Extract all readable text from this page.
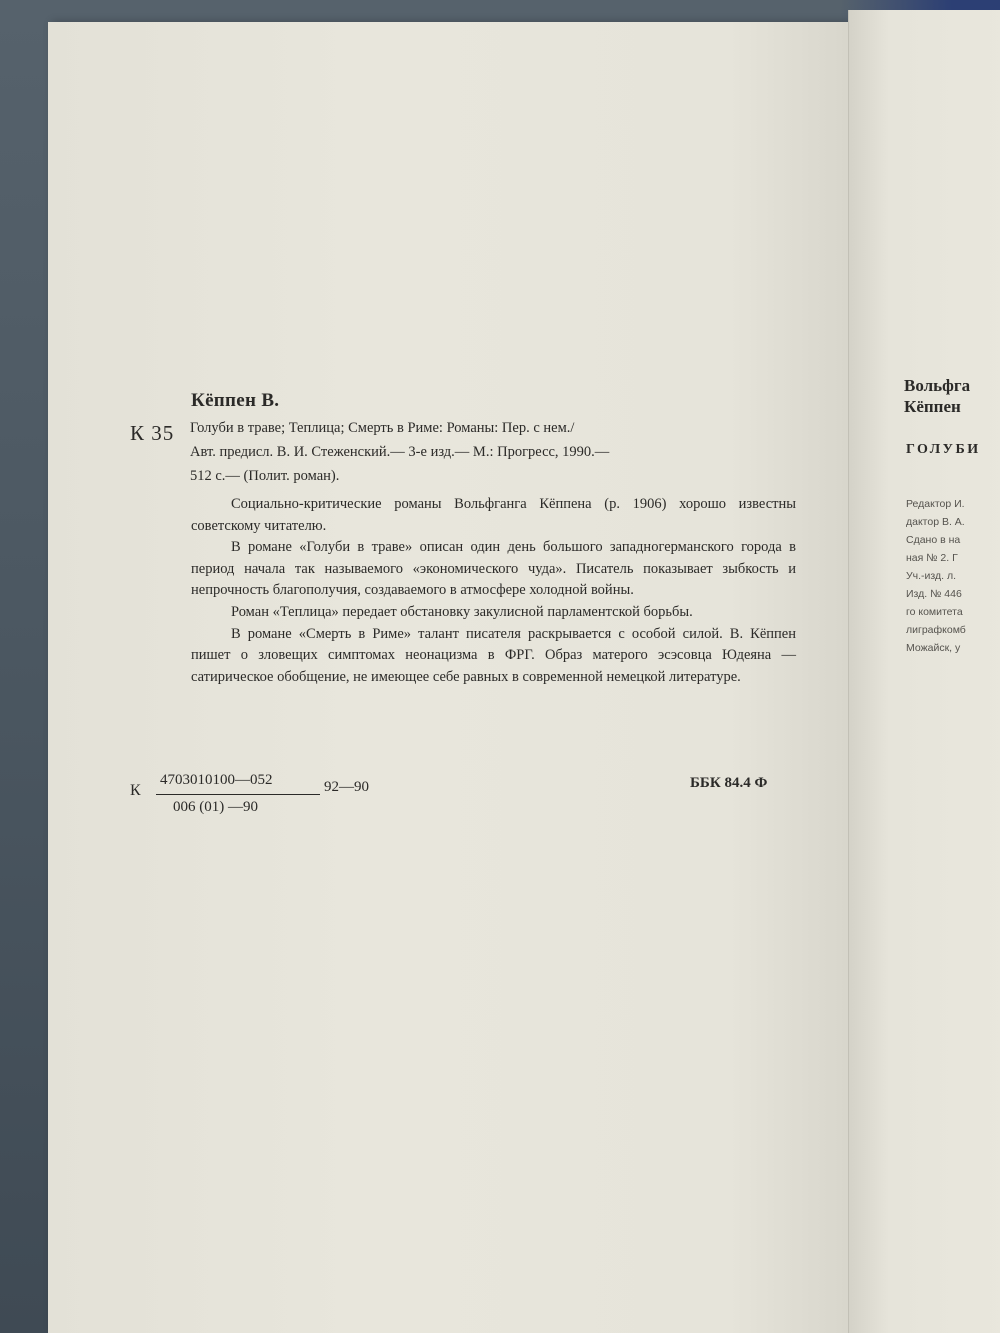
Кёппен В.
К 35 Голуби в траве; Теплица; Смерть в Риме: Романы: Пер. с нем./
Авт. предисл. В. И. Стеженский.— 3-е изд.— М.: Прогресс, 1990.—
512 с.— (Полит. роман).

Социально-критические романы Вольфганга Кёппена (р. 1906) хорошо известны советскому читателю.

В романе «Голуби в траве» описан один день большого западногерманского города в период начала так называемого «экономического чуда». Писатель показывает зыбкость и непрочность благополучия, создаваемого в атмосфере холодной войны.

Роман «Теплица» передает обстановку закулисной парламентской борьбы.

В романе «Смерть в Риме» талант писателя раскрывается с особой силой. В. Кёппен пишет о зловещих симптомах неонацизма в ФРГ. Образ матерого эсэсовца Юдеяна — сатирическое обобщение, не имеющее себе равных в современной немецкой литературе.

К
4703010100—052
006 (01) —90
92—90	ББК 84.4 Ф
Вольфга
Кёппен
ГОЛУБИ
Редактор И.
дактор В. А.
Сдано в на
ная № 2. Г
Уч.-изд. л.
Изд. № 446
го комитета
лиграфкомб
Можайск, у
